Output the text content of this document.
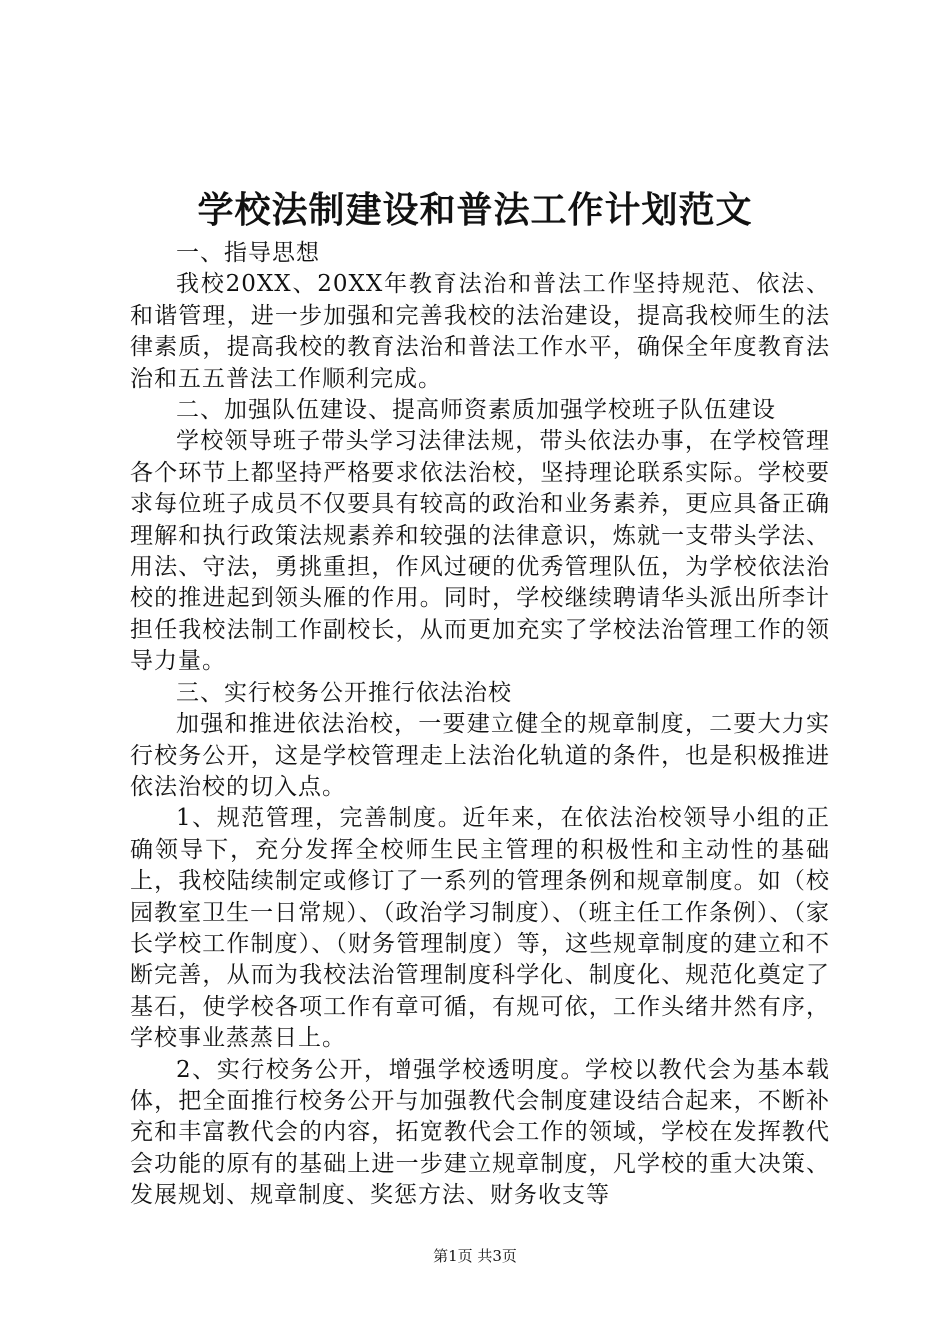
学校法制建设和普法工作计划范文

一、指导思想

我校20XX、20XX年教育法治和普法工作坚持规范、依法、和谐管理，进一步加强和完善我校的法治建设，提高我校师生的法律素质，提高我校的教育法治和普法工作水平，确保全年度教育法治和五五普法工作顺利完成。

二、加强队伍建设、提高师资素质加强学校班子队伍建设

学校领导班子带头学习法律法规，带头依法办事，在学校管理各个环节上都坚持严格要求依法治校，坚持理论联系实际。学校要求每位班子成员不仅要具有较高的政治和业务素养，更应具备正确理解和执行政策法规素养和较强的法律意识，炼就一支带头学法、用法、守法，勇挑重担，作风过硬的优秀管理队伍，为学校依法治校的推进起到领头雁的作用。同时，学校继续聘请华头派出所李计担任我校法制工作副校长，从而更加充实了学校法治管理工作的领导力量。

三、实行校务公开推行依法治校

加强和推进依法治校，一要建立健全的规章制度，二要大力实行校务公开，这是学校管理走上法治化轨道的条件，也是积极推进依法治校的切入点。

1、规范管理，完善制度。近年来，在依法治校领导小组的正确领导下，充分发挥全校师生民主管理的积极性和主动性的基础上，我校陆续制定或修订了一系列的管理条例和规章制度。如（校园教室卫生一日常规）、（政治学习制度）、（班主任工作条例）、（家长学校工作制度）、（财务管理制度）等，这些规章制度的建立和不断完善，从而为我校法治管理制度科学化、制度化、规范化奠定了基石，使学校各项工作有章可循，有规可依，工作头绪井然有序，学校事业蒸蒸日上。

2、实行校务公开，增强学校透明度。学校以教代会为基本载体，把全面推行校务公开与加强教代会制度建设结合起来，不断补充和丰富教代会的内容，拓宽教代会工作的领域，学校在发挥教代会功能的原有的基础上进一步建立规章制度，凡学校的重大决策、发展规划、规章制度、奖惩方法、财务收支等

第1页 共3页
